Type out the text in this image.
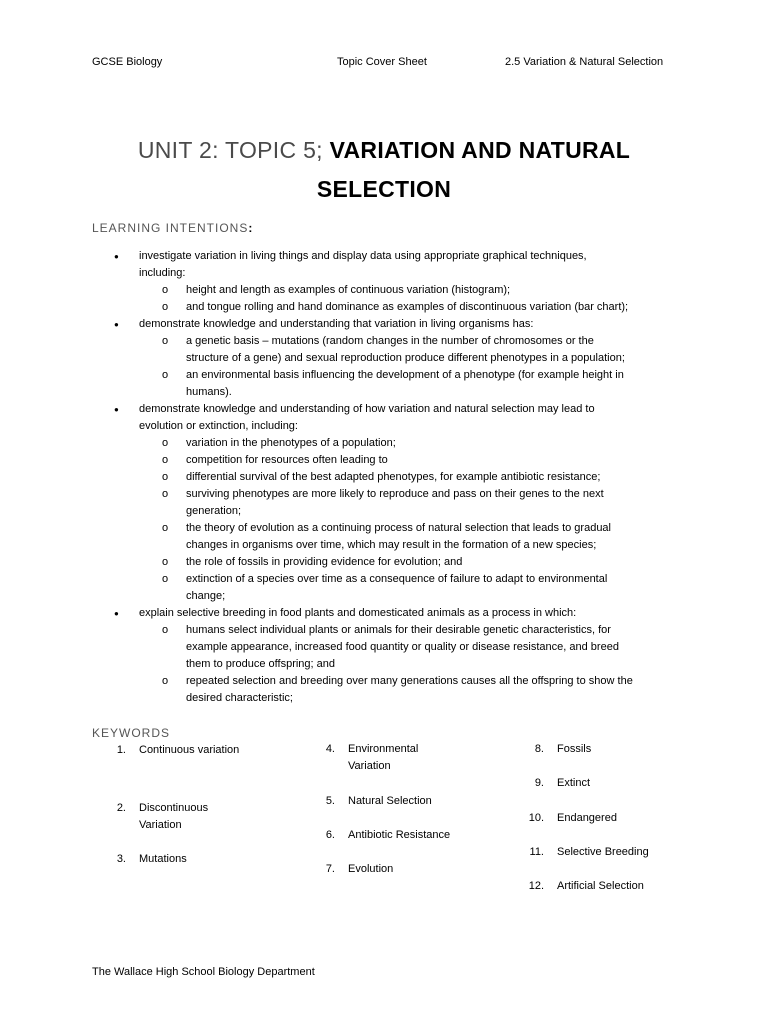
GCSE Biology	Topic Cover Sheet	2.5 Variation & Natural Selection
UNIT 2: TOPIC 5; VARIATION AND NATURAL
SELECTION
LEARNING INTENTIONS:
● investigate variation in living things and display data using appropriate graphical techniques,
including:
o height and length as examples of continuous variation (histogram);
o and tongue rolling and hand dominance as examples of discontinuous variation (bar chart);
● demonstrate knowledge and understanding that variation in living organisms has:
o a genetic basis – mutations (random changes in the number of chromosomes or the
structure of a gene) and sexual reproduction produce different phenotypes in a population;
o an environmental basis influencing the development of a phenotype (for example height in
humans).
● demonstrate knowledge and understanding of how variation and natural selection may lead to
evolution or extinction, including:
o variation in the phenotypes of a population;
o competition for resources often leading to
o differential survival of the best adapted phenotypes, for example antibiotic resistance;
o surviving phenotypes are more likely to reproduce and pass on their genes to the next
generation;
o the theory of evolution as a continuing process of natural selection that leads to gradual
changes in organisms over time, which may result in the formation of a new species;
o the role of fossils in providing evidence for evolution; and
o extinction of a species over time as a consequence of failure to adapt to environmental
change;
● explain selective breeding in food plants and domesticated animals as a process in which:
o humans select individual plants or animals for their desirable genetic characteristics, for
example appearance, increased food quantity or quality or disease resistance, and breed
them to produce offspring; and
o repeated selection and breeding over many generations causes all the offspring to show the
desired characteristic;
KEYWORDS
1. Continuous variation
2. Discontinuous
Variation
3. Mutations
4. Environmental
Variation
5. Natural Selection
6. Antibiotic Resistance
7. Evolution
8. Fossils
9. Extinct
10. Endangered
11. Selective Breeding
12. Artificial Selection
The Wallace High School Biology Department
